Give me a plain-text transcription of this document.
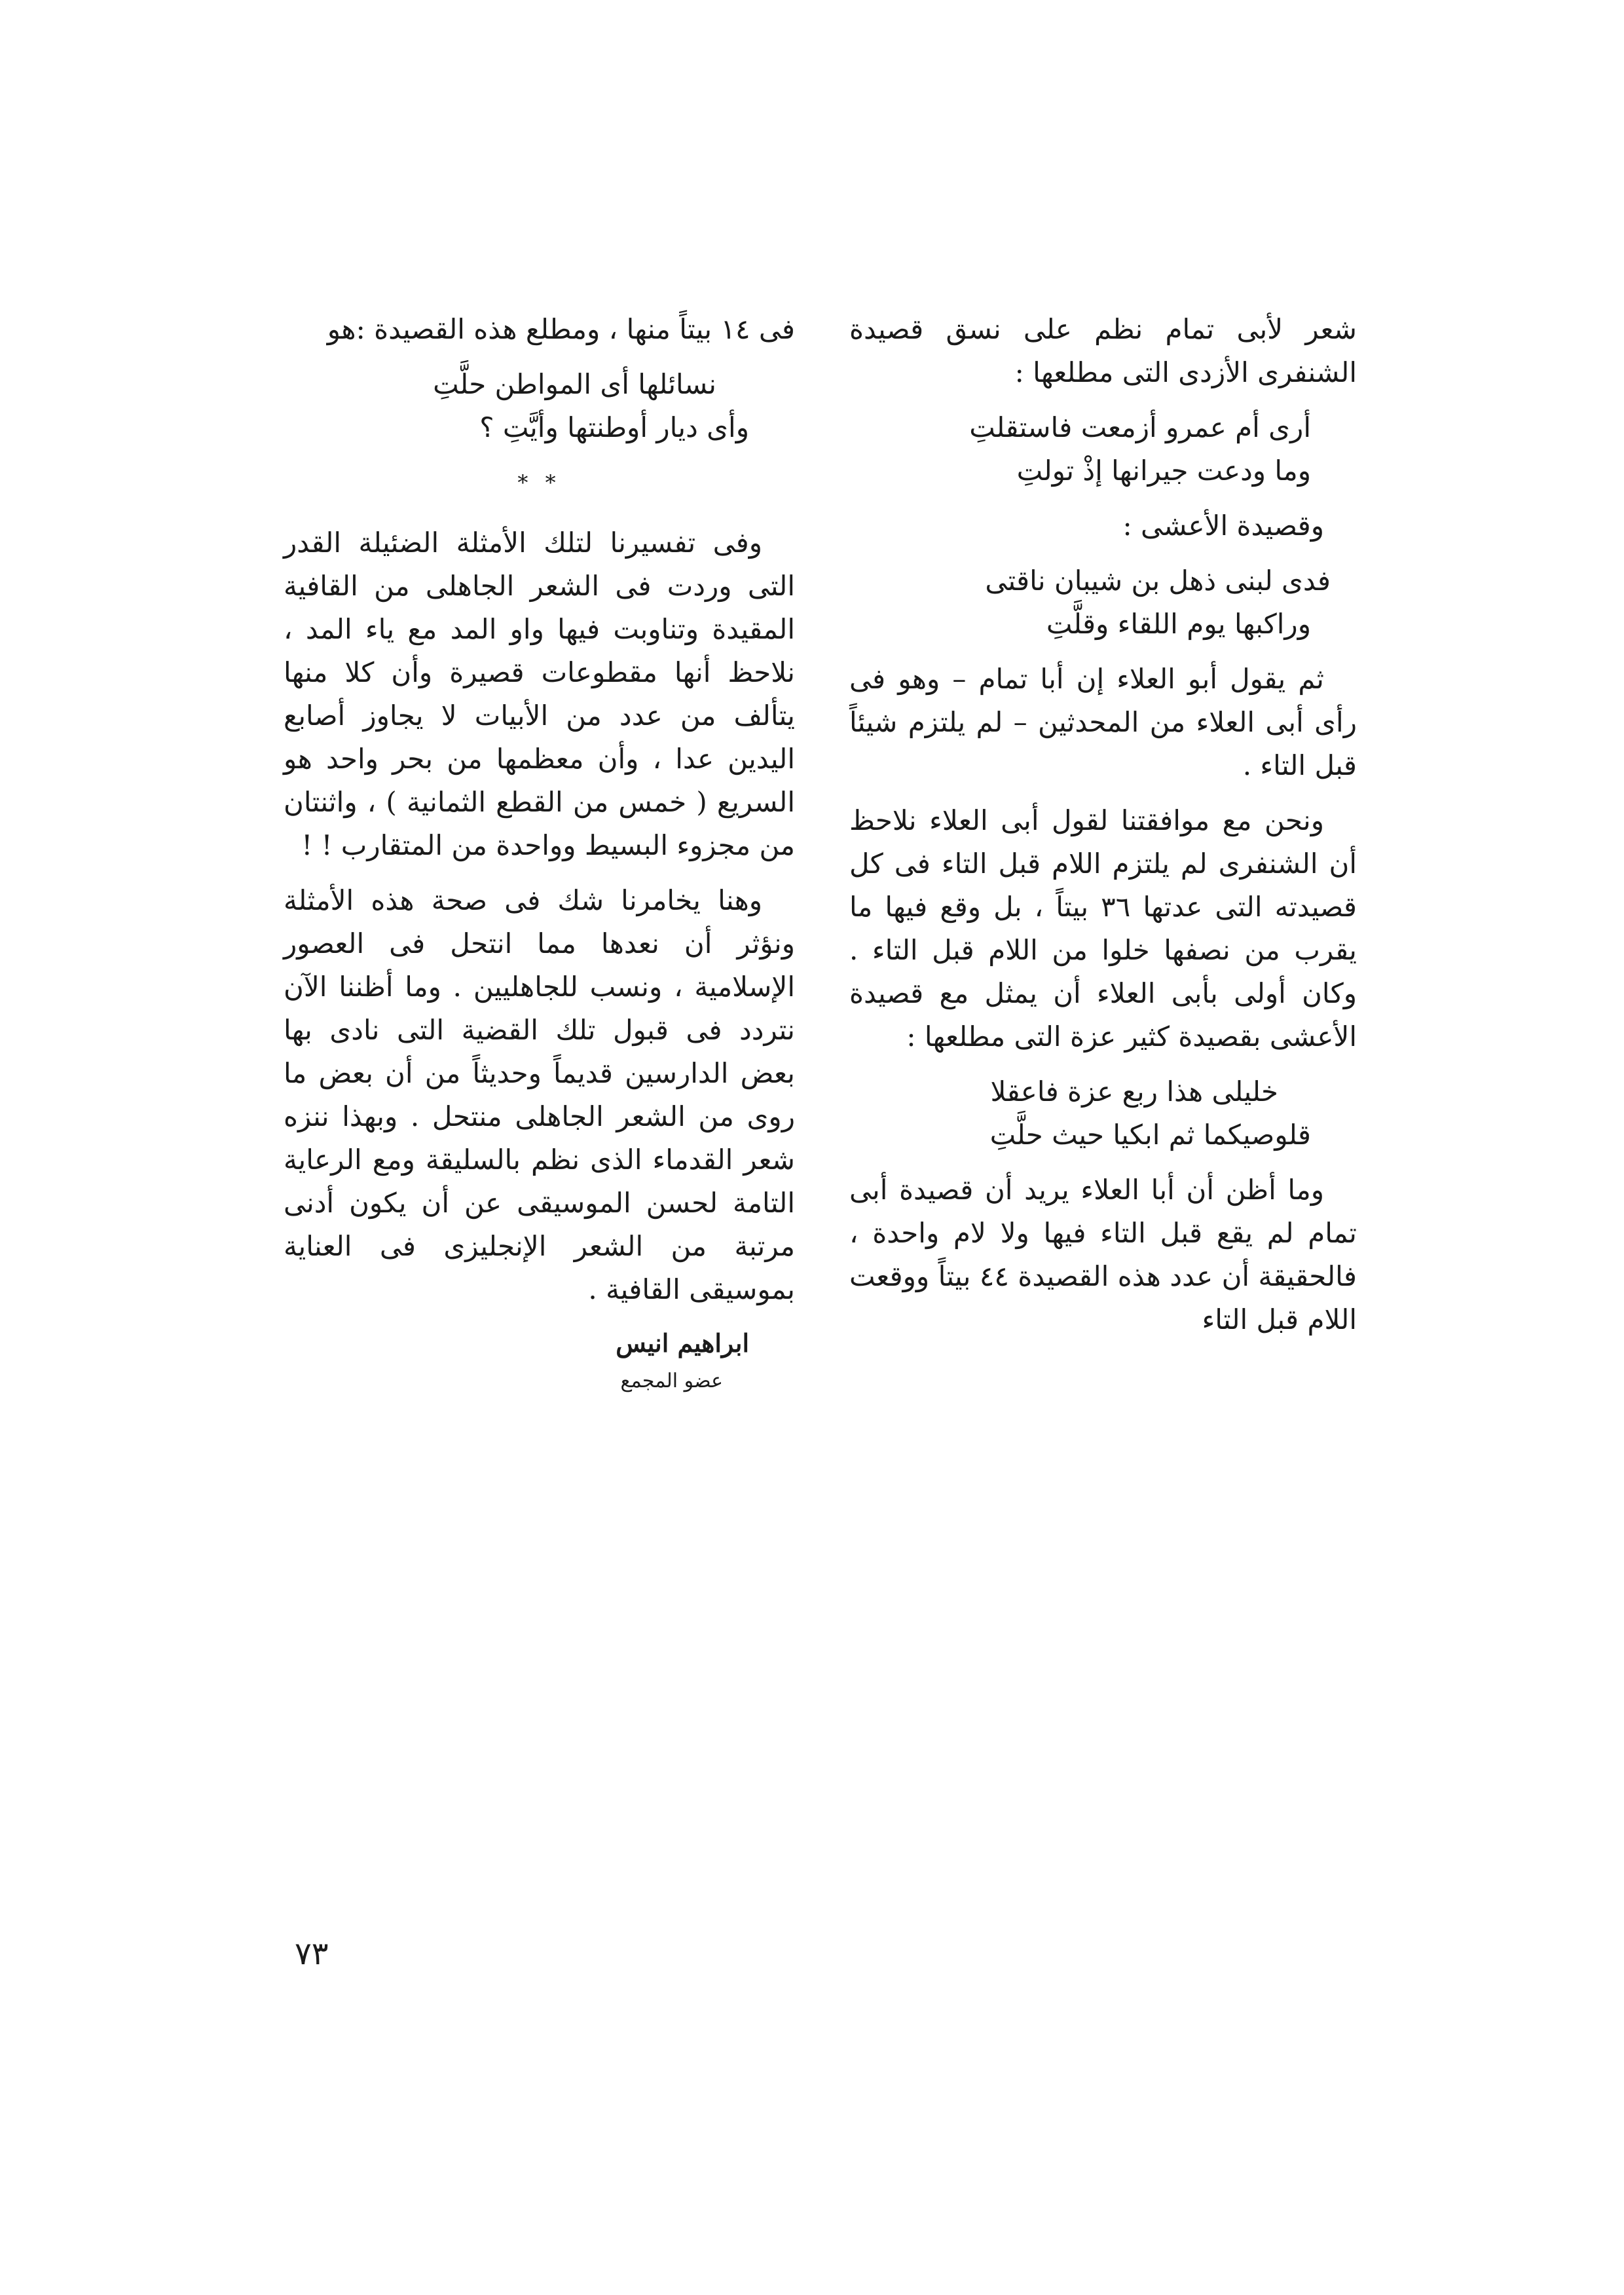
شعر لأبى تمام نظم على نسق قصيدة الشنفرى الأزدى التى مطلعها :

أرى أم عمرو أزمعت فاستقلتِ
وما ودعت جيرانها إذْ تولتِ

وقصيدة الأعشى :

فدى لبنى ذهل بن شيبان ناقتى
وراكبها يوم اللقاء وقلَّتِ

ثم يقول أبو العلاء إن أبا تمام – وهو فى رأى أبى العلاء من المحدثين – لم يلتزم شيئاً قبل التاء .

ونحن مع موافقتنا لقول أبى العلاء نلاحظ أن الشنفرى لم يلتزم اللام قبل التاء فى كل قصيدته التى عدتها ٣٦ بيتاً ، بل وقع فيها ما يقرب من نصفها خلوا من اللام قبل التاء . وكان أولى بأبى العلاء أن يمثل مع قصيدة الأعشى بقصيدة كثير عزة التى مطلعها :

خليلى هذا ربع عزة فاعقلا
قلوصيكما ثم ابكيا حيث حلَّتِ

وما أظن أن أبا العلاء يريد أن قصيدة أبى تمام لم يقع قبل التاء فيها ولا لام واحدة ، فالحقيقة أن عدد هذه القصيدة ٤٤ بيتاً ووقعت اللام قبل التاء

فى ١٤ بيتاً منها ، ومطلع هذه القصيدة :هو

نسائلها أى المواطن حلَّتِ
وأى ديار أوطنتها وأيَّتِ ؟
* *

وفى تفسيرنا لتلك الأمثلة الضئيلة القدر التى وردت فى الشعر الجاهلى من القافية المقيدة وتناوبت فيها واو المد مع ياء المد ، نلاحظ أنها مقطوعات قصيرة وأن كلا منها يتألف من عدد من الأبيات لا يجاوز أصابع اليدين عدا ، وأن معظمها من بحر واحد هو السريع ( خمس من القطع الثمانية ) ، واثنتان من مجزوء البسيط وواحدة من المتقارب ! !

وهنا يخامرنا شك فى صحة هذه الأمثلة ونؤثر أن نعدها مما انتحل فى العصور الإسلامية ، ونسب للجاهليين . وما أظننا الآن نتردد فى قبول تلك القضية التى نادى بها بعض الدارسين قديماً وحديثاً من أن بعض ما روى من الشعر الجاهلى منتحل . وبهذا ننزه شعر القدماء الذى نظم بالسليقة ومع الرعاية التامة لحسن الموسيقى عن أن يكون أدنى مرتبة من الشعر الإنجليزى فى العناية بموسيقى القافية .

ابراهيم انيس
عضو المجمع
٧٣
